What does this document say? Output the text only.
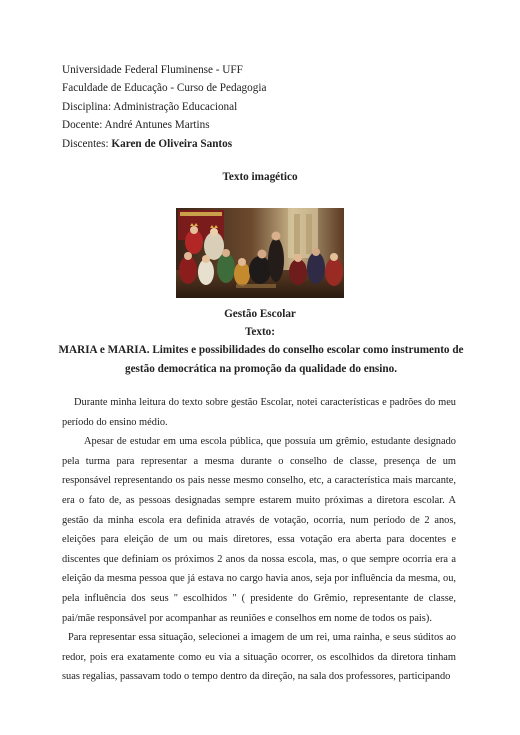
Universidade Federal Fluminense - UFF
Faculdade de Educação - Curso de Pedagogia
Disciplina: Administração Educacional
Docente: André Antunes Martins
Discentes: Karen de Oliveira Santos
Texto imagético
Gestão Escolar
Texto:
MARIA e MARIA. Limites e possibilidades do conselho escolar como instrumento de gestão democrática na promoção da qualidade do ensino.

Durante minha leitura do texto sobre gestão Escolar, notei características e padrões do meu período do ensino médio.

Apesar de estudar em uma escola pública, que possuía um grêmio, estudante designado pela turma para representar a mesma durante o conselho de classe, presença de um responsável representando os pais nesse mesmo conselho, etc, a característica mais marcante, era o fato de, as pessoas designadas sempre estarem muito próximas a diretora escolar. A gestão da minha escola era definida através de votação, ocorria, num período de 2 anos, eleições para eleição de um ou mais diretores, essa votação era aberta para docentes e discentes que definiam os próximos 2 anos da nossa escola, mas, o que sempre ocorria era a eleição da mesma pessoa que já estava no cargo havia anos, seja por influência da mesma, ou, pela influência dos seus " escolhidos " ( presidente do Grêmio, representante de classe, pai/mãe responsável por acompanhar as reuniões e conselhos em nome de todos os pais).

Para representar essa situação, selecionei a imagem de um rei, uma rainha, e seus súditos ao redor, pois era exatamente como eu via a situação ocorrer, os escolhidos da diretora tinham suas regalias, passavam todo o tempo dentro da direção, na sala dos professores, participando
